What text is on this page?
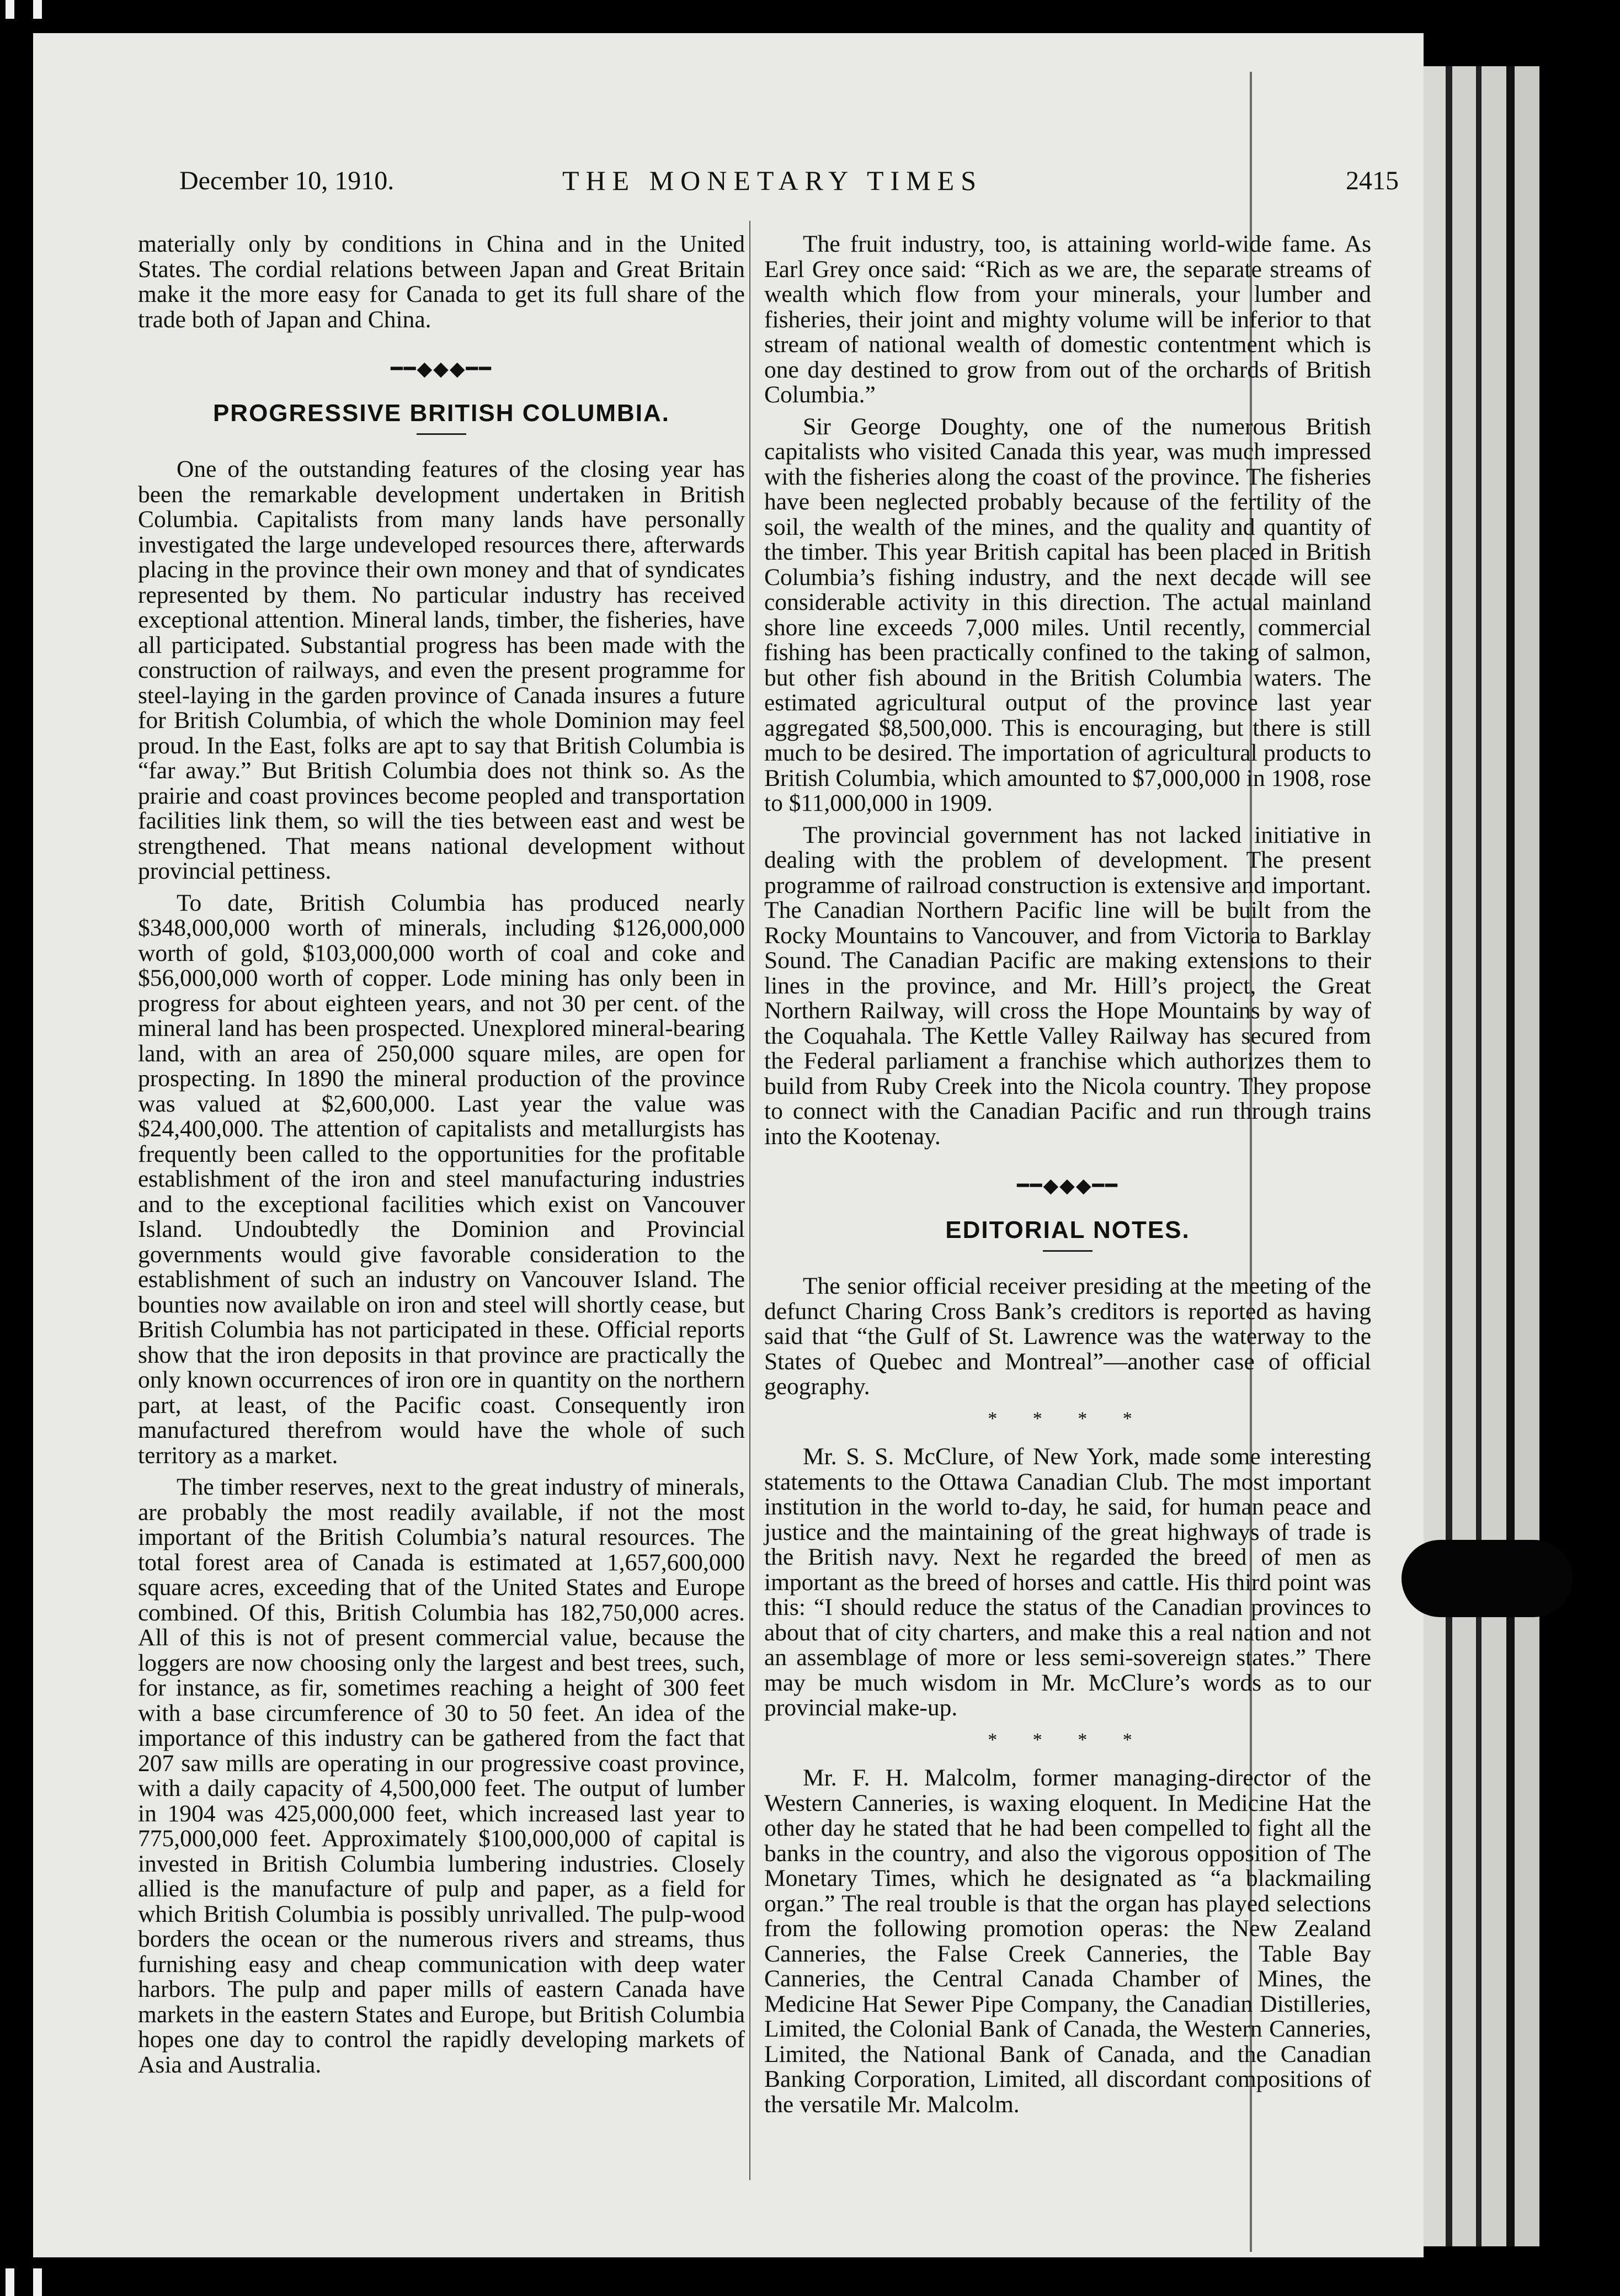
December 10, 1910.	THE MONETARY TIMES	2415

materially only by conditions in China and in the United States. The cordial relations between Japan and Great Britain make it the more easy for Canada to get its full share of the trade both of Japan and China.

━━◆◆◆━━
PROGRESSIVE BRITISH COLUMBIA.

One of the outstanding features of the closing year has been the remarkable development undertaken in British Columbia. Capitalists from many lands have personally investigated the large undeveloped resources there, afterwards placing in the province their own money and that of syndicates represented by them. No particular industry has received exceptional attention. Mineral lands, timber, the fisheries, have all participated. Substantial progress has been made with the construction of railways, and even the present programme for steel-laying in the garden province of Canada insures a future for British Columbia, of which the whole Dominion may feel proud. In the East, folks are apt to say that British Columbia is “far away.” But British Columbia does not think so. As the prairie and coast provinces become peopled and transportation facilities link them, so will the ties between east and west be strengthened. That means national development without provincial pettiness.

To date, British Columbia has produced nearly $348,000,000 worth of minerals, including $126,000,000 worth of gold, $103,000,000 worth of coal and coke and $56,000,000 worth of copper. Lode mining has only been in progress for about eighteen years, and not 30 per cent. of the mineral land has been prospected. Unexplored mineral-bearing land, with an area of 250,000 square miles, are open for prospecting. In 1890 the mineral production of the province was valued at $2,600,000. Last year the value was $24,400,000. The attention of capitalists and metallurgists has frequently been called to the opportunities for the profitable establishment of the iron and steel manufacturing industries and to the exceptional facilities which exist on Vancouver Island. Undoubtedly the Dominion and Provincial governments would give favorable consideration to the establishment of such an industry on Vancouver Island. The bounties now available on iron and steel will shortly cease, but British Columbia has not participated in these. Official reports show that the iron deposits in that province are practically the only known occurrences of iron ore in quantity on the northern part, at least, of the Pacific coast. Consequently iron manufactured therefrom would have the whole of such territory as a market.

The timber reserves, next to the great industry of minerals, are probably the most readily available, if not the most important of the British Columbia’s natural resources. The total forest area of Canada is estimated at 1,657,600,000 square acres, exceeding that of the United States and Europe combined. Of this, British Columbia has 182,750,000 acres. All of this is not of present commercial value, because the loggers are now choosing only the largest and best trees, such, for instance, as fir, sometimes reaching a height of 300 feet with a base circumference of 30 to 50 feet. An idea of the importance of this industry can be gathered from the fact that 207 saw mills are operating in our progressive coast province, with a daily capacity of 4,500,000 feet. The output of lumber in 1904 was 425,000,000 feet, which increased last year to 775,000,000 feet. Approximately $100,000,000 of capital is invested in British Columbia lumbering industries. Closely allied is the manufacture of pulp and paper, as a field for which British Columbia is possibly unrivalled. The pulp-wood borders the ocean or the numerous rivers and streams, thus furnishing easy and cheap communication with deep water harbors. The pulp and paper mills of eastern Canada have markets in the eastern States and Europe, but British Columbia hopes one day to control the rapidly developing markets of Asia and Australia.

The fruit industry, too, is attaining world-wide fame. As Earl Grey once said: “Rich as we are, the separate streams of wealth which flow from your minerals, your lumber and fisheries, their joint and mighty volume will be inferior to that stream of national wealth of domestic contentment which is one day destined to grow from out of the orchards of British Columbia.”

Sir George Doughty, one of the numerous British capitalists who visited Canada this year, was much impressed with the fisheries along the coast of the province. The fisheries have been neglected probably because of the fertility of the soil, the wealth of the mines, and the quality and quantity of the timber. This year British capital has been placed in British Columbia’s fishing industry, and the next decade will see considerable activity in this direction. The actual mainland shore line exceeds 7,000 miles. Until recently, commercial fishing has been practically confined to the taking of salmon, but other fish abound in the British Columbia waters. The estimated agricultural output of the province last year aggregated $8,500,000. This is encouraging, but there is still much to be desired. The importation of agricultural products to British Columbia, which amounted to $7,000,000 in 1908, rose to $11,000,000 in 1909.

The provincial government has not lacked initiative in dealing with the problem of development. The present programme of railroad construction is extensive and important. The Canadian Northern Pacific line will be built from the Rocky Mountains to Vancouver, and from Victoria to Barklay Sound. The Canadian Pacific are making extensions to their lines in the province, and Mr. Hill’s project, the Great Northern Railway, will cross the Hope Mountains by way of the Coquahala. The Kettle Valley Railway has secured from the Federal parliament a franchise which authorizes them to build from Ruby Creek into the Nicola country. They propose to connect with the Canadian Pacific and run through trains into the Kootenay.

━━◆◆◆━━
EDITORIAL NOTES.

The senior official receiver presiding at the meeting of the defunct Charing Cross Bank’s creditors is reported as having said that “the Gulf of St. Lawrence was the waterway to the States of Quebec and Montreal”—another case of official geography.

* * * *

Mr. S. S. McClure, of New York, made some interesting statements to the Ottawa Canadian Club. The most important institution in the world to-day, he said, for human peace and justice and the maintaining of the great highways of trade is the British navy. Next he regarded the breed of men as important as the breed of horses and cattle. His third point was this: “I should reduce the status of the Canadian provinces to about that of city charters, and make this a real nation and not an assemblage of more or less semi-sovereign states.” There may be much wisdom in Mr. McClure’s words as to our provincial make-up.

* * * *

Mr. F. H. Malcolm, former managing-director of the Western Canneries, is waxing eloquent. In Medicine Hat the other day he stated that he had been compelled to fight all the banks in the country, and also the vigorous opposition of The Monetary Times, which he designated as “a blackmailing organ.” The real trouble is that the organ has played selections from the following promotion operas: the New Zealand Canneries, the False Creek Canneries, the Table Bay Canneries, the Central Canada Chamber of Mines, the Medicine Hat Sewer Pipe Company, the Canadian Distilleries, Limited, the Colonial Bank of Canada, the Western Canneries, Limited, the National Bank of Canada, and the Canadian Banking Corporation, Limited, all discordant compositions of the versatile Mr. Malcolm.
